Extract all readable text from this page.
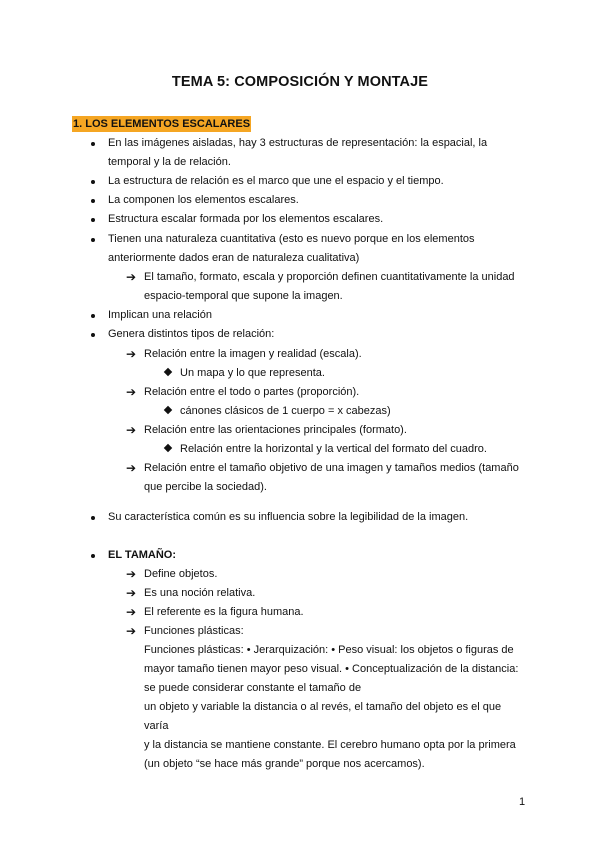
TEMA 5: COMPOSICIÓN Y MONTAJE
1. LOS ELEMENTOS ESCALARES
En las imágenes aisladas, hay 3 estructuras de representación: la espacial, la
temporal y la de relación.
La estructura de relación es el marco que une el espacio y el tiempo.
La componen los elementos escalares.
Estructura escalar formada por los elementos escalares.
Tienen una naturaleza cuantitativa (esto es nuevo porque en los elementos
anteriormente dados eran de naturaleza cualitativa)
➔ El tamaño, formato, escala y proporción definen cuantitativamente la unidad
espacio-temporal que supone la imagen.
Implican una relación
Genera distintos tipos de relación:
➔ Relación entre la imagen y realidad (escala).
Un mapa y lo que representa.
➔ Relación entre el todo o partes (proporción).
cánones clásicos de 1 cuerpo = x cabezas)
➔ Relación entre las orientaciones principales (formato).
Relación entre la horizontal y la vertical del formato del cuadro.
➔ Relación entre el tamaño objetivo de una imagen y tamaños medios (tamaño
que percibe la sociedad).
Su característica común es su influencia sobre la legibilidad de la imagen.
EL TAMAÑO:
➔ Define objetos.
➔ Es una noción relativa.
➔ El referente es la figura humana.
➔ Funciones plásticas:
Funciones plásticas: • Jerarquización: • Peso visual: los objetos o figuras de
mayor tamaño tienen mayor peso visual. • Conceptualización de la distancia:
se puede considerar constante el tamaño de
un objeto y variable la distancia o al revés, el tamaño del objeto es el que
varía
y la distancia se mantiene constante. El cerebro humano opta por la primera
(un objeto “se hace más grande” porque nos acercamos).
1
